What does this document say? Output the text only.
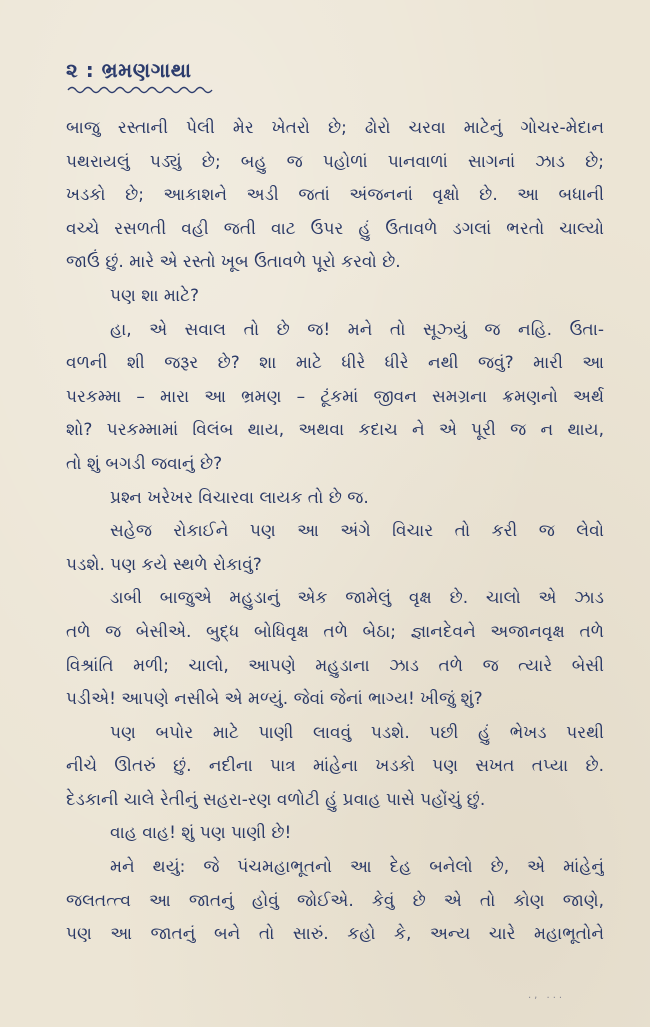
૨ : ભ્રમણગાથા
બાજુ રસ્તાની પેલી મેર ખેતરો છે; ઢોરો ચરવા માટેનું ગોચર-મેદાન
પથરાયલું પડ્યું છે; બહુ જ પહોળાં પાનવાળાં સાગનાં ઝાડ છે;
ખડકો છે; આકાશને અડી જતાં અંજનનાં વૃક્ષો છે. આ બધાની
વચ્ચે રસળતી વહી જતી વાટ ઉપર હું ઉતાવળે ડગલાં ભરતો ચાલ્યો
જાઉં છું. મારે એ રસ્તો ખૂબ ઉતાવળે પૂરો કરવો છે.
પણ શા માટે?
હા, એ સવાલ તો છે જ! મને તો સૂઝ્યું જ નહિ. ઉતા-
વળની શી જરૂર છે? શા માટે ધીરે ધીરે નથી જવું? મારી આ
પરકમ્મા – મારા આ ભ્રમણ – ટૂંકમાં જીવન સમગ્રના ક્રમણનો અર્થ
શો? પરકમ્મામાં વિલંબ થાય, અથવા કદાચ ને એ પૂરી જ ન થાય,
તો શું બગડી જવાનું છે?
પ્રશ્ન ખરેખર વિચારવા લાયક તો છે જ.
સહેજ રોકાઈને પણ આ અંગે વિચાર તો કરી જ લેવો
પડશે. પણ કયે સ્થળે રોકાવું?
ડાબી બાજુએ મહુડાનું એક જામેલું વૃક્ષ છે. ચાલો એ ઝાડ
તળે જ બેસીએ. બુદ્ધ બોધિવૃક્ષ તળે બેઠા; જ્ઞાનદેવને અજાનવૃક્ષ તળે
વિશ્રાંતિ મળી; ચાલો, આપણે મહુડાના ઝાડ તળે જ ત્યારે બેસી
પડીએ! આપણે નસીબે એ મળ્યું. જેવાં જેનાં ભાગ્ય! ખીજું શું?
પણ બપોર માટે પાણી લાવવું પડશે. પછી હું ભેખડ પરથી
નીચે ઊતરું છું. નદીના પાત્ર માંહેના ખડકો પણ સખત તપ્યા છે.
દેડકાની ચાલે રેતીનું સહરા-રણ વળોટી હું પ્રવાહ પાસે પહોંચું છું.
વાહ વાહ! શું પણ પાણી છે!
મને થયું: જે પંચમહાભૂતનો આ દેહ બનેલો છે, એ માંહેનું
જલતત્ત્વ આ જાતનું હોવું જોઈએ. કેવું છે એ તો કોણ જાણે,
પણ આ જાતનું બને તો સારું. કહો કે, અન્ય ચારે મહાભૂતોને
., ...
